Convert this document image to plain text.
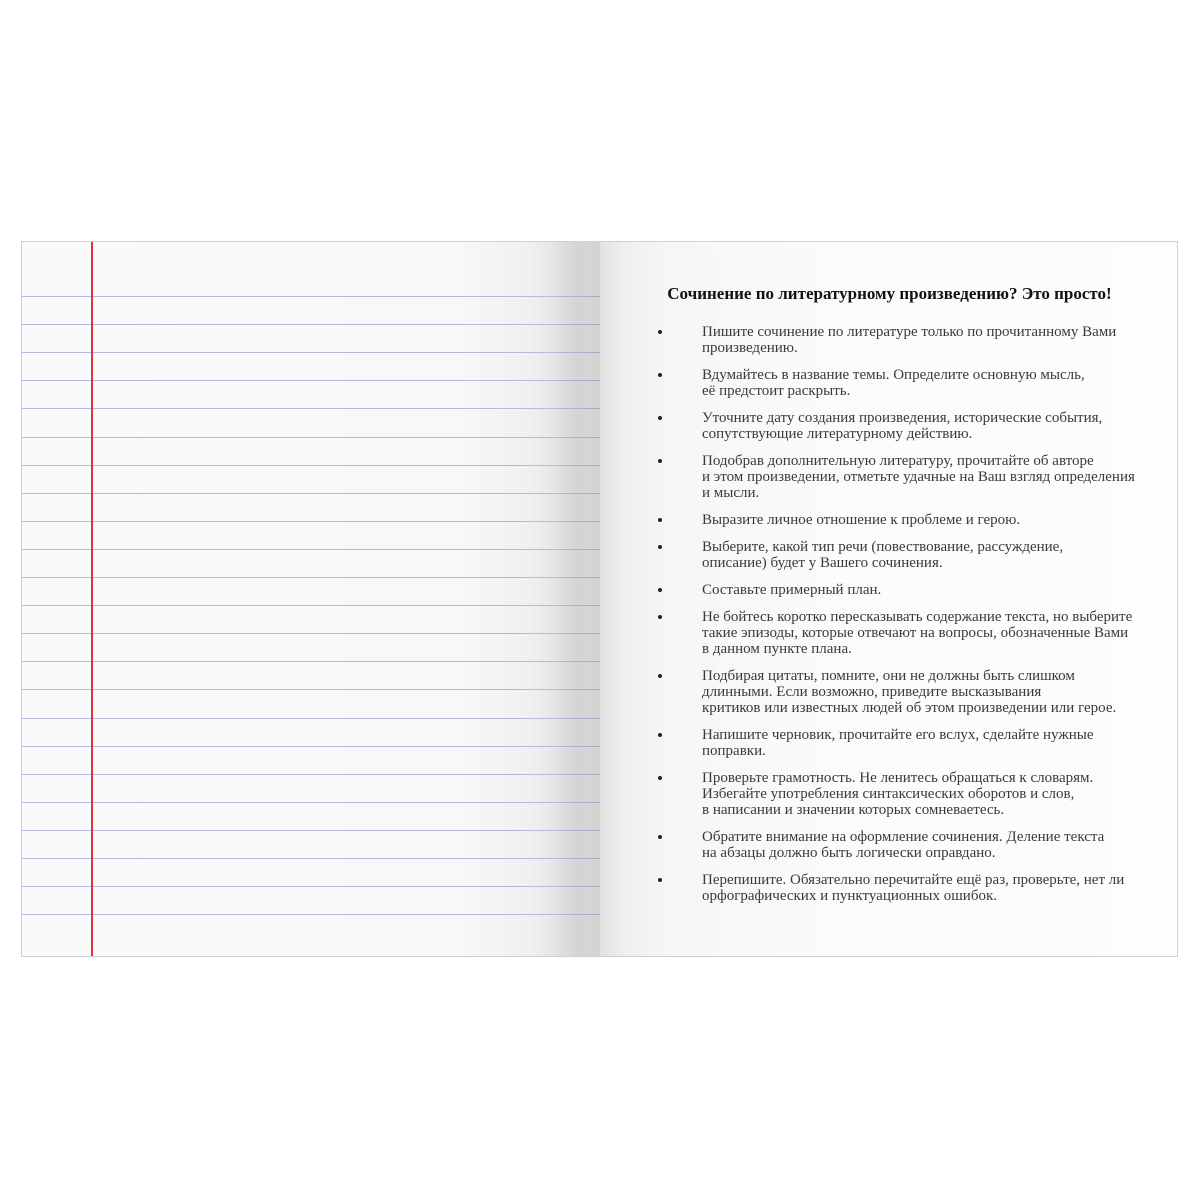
Сочинение по литературному произведению? Это просто!
Пишите сочинение по литературе только по прочитанному Вами
произведению.
Вдумайтесь в название темы. Определите основную мысль,
её предстоит раскрыть.
Уточните дату создания произведения, исторические события,
сопутствующие литературному действию.
Подобрав дополнительную литературу, прочитайте об авторе
и этом произведении, отметьте удачные на Ваш взгляд определения
и мысли.
Выразите личное отношение к проблеме и герою.
Выберите, какой тип речи (повествование, рассуждение,
описание) будет у Вашего сочинения.
Составьте примерный план.
Не бойтесь коротко пересказывать содержание текста, но выберите
такие эпизоды, которые отвечают на вопросы, обозначенные Вами
в данном пункте плана.
Подбирая цитаты, помните, они не должны быть слишком
длинными. Если возможно, приведите высказывания
критиков или известных людей об этом произведении или герое.
Напишите черновик, прочитайте его вслух, сделайте нужные
поправки.
Проверьте грамотность. Не ленитесь обращаться к словарям.
Избегайте употребления синтаксических оборотов и слов,
в написании и значении которых сомневаетесь.
Обратите внимание на оформление сочинения. Деление текста
на абзацы должно быть логически оправдано.
Перепишите. Обязательно перечитайте ещё раз, проверьте, нет ли
орфографических и пунктуационных ошибок.
